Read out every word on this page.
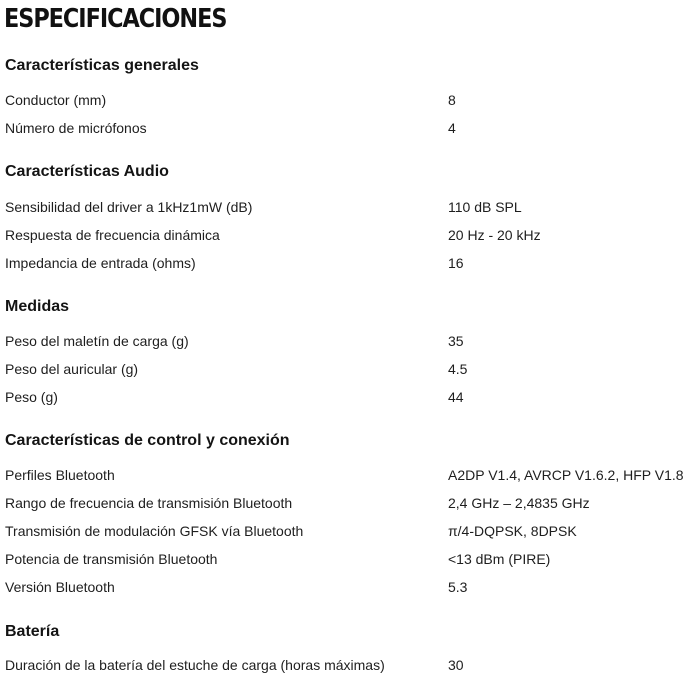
ESPECIFICACIONES
Características generales
Conductor (mm)	8
Número de micrófonos	4
Características Audio
Sensibilidad del driver a 1kHz1mW (dB)	110 dB SPL
Respuesta de frecuencia dinámica	20 Hz - 20 kHz
Impedancia de entrada (ohms)	16
Medidas
Peso del maletín de carga (g)	35
Peso del auricular (g)	4.5
Peso (g)	44
Características de control y conexión
Perfiles Bluetooth	A2DP V1.4, AVRCP V1.6.2, HFP V1.8
Rango de frecuencia de transmisión Bluetooth	2,4 GHz – 2,4835 GHz
Transmisión de modulación GFSK vía Bluetooth	π/4-DQPSK, 8DPSK
Potencia de transmisión Bluetooth	<13 dBm (PIRE)
Versión Bluetooth	5.3
Batería
Duración de la batería del estuche de carga (horas máximas)	30
